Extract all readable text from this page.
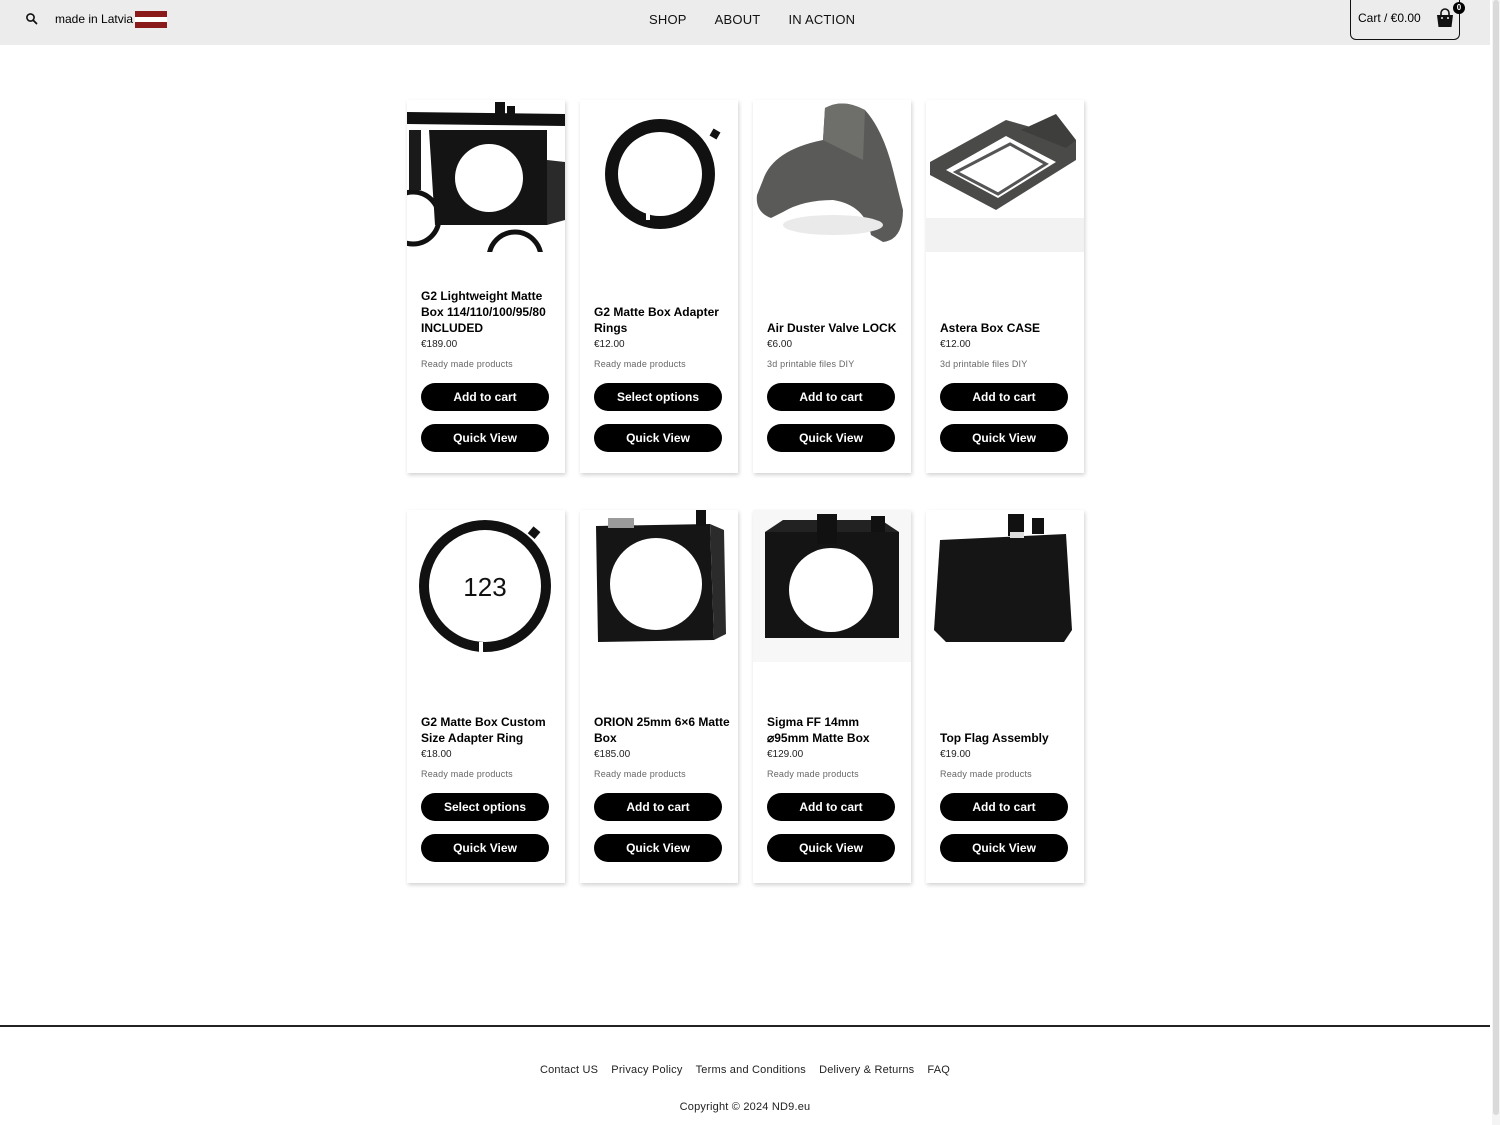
made in Latvia	SHOP ABOUT IN ACTION	Cart / €0.00
0
G2 Lightweight Matte Box 114/110/100/95/80 INCLUDED
€189.00
Ready made products
Add to cart
Quick View
G2 Matte Box Adapter Rings
€12.00
Ready made products
Select options
Quick View
Air Duster Valve LOCK
€6.00
3d printable files DIY
Add to cart
Quick View
Astera Box CASE
€12.00
3d printable files DIY
Add to cart
Quick View
123
G2 Matte Box Custom Size Adapter Ring
€18.00
Ready made products
Select options
Quick View
ORION 25mm 6×6 Matte Box
€185.00
Ready made products
Add to cart
Quick View
Sigma FF 14mm ⌀95mm Matte Box
€129.00
Ready made products
Add to cart
Quick View
Top Flag Assembly
€19.00
Ready made products
Add to cart
Quick View
Contact US Privacy Policy Terms and Conditions Delivery & Returns FAQ
Copyright © 2024 ND9.eu
